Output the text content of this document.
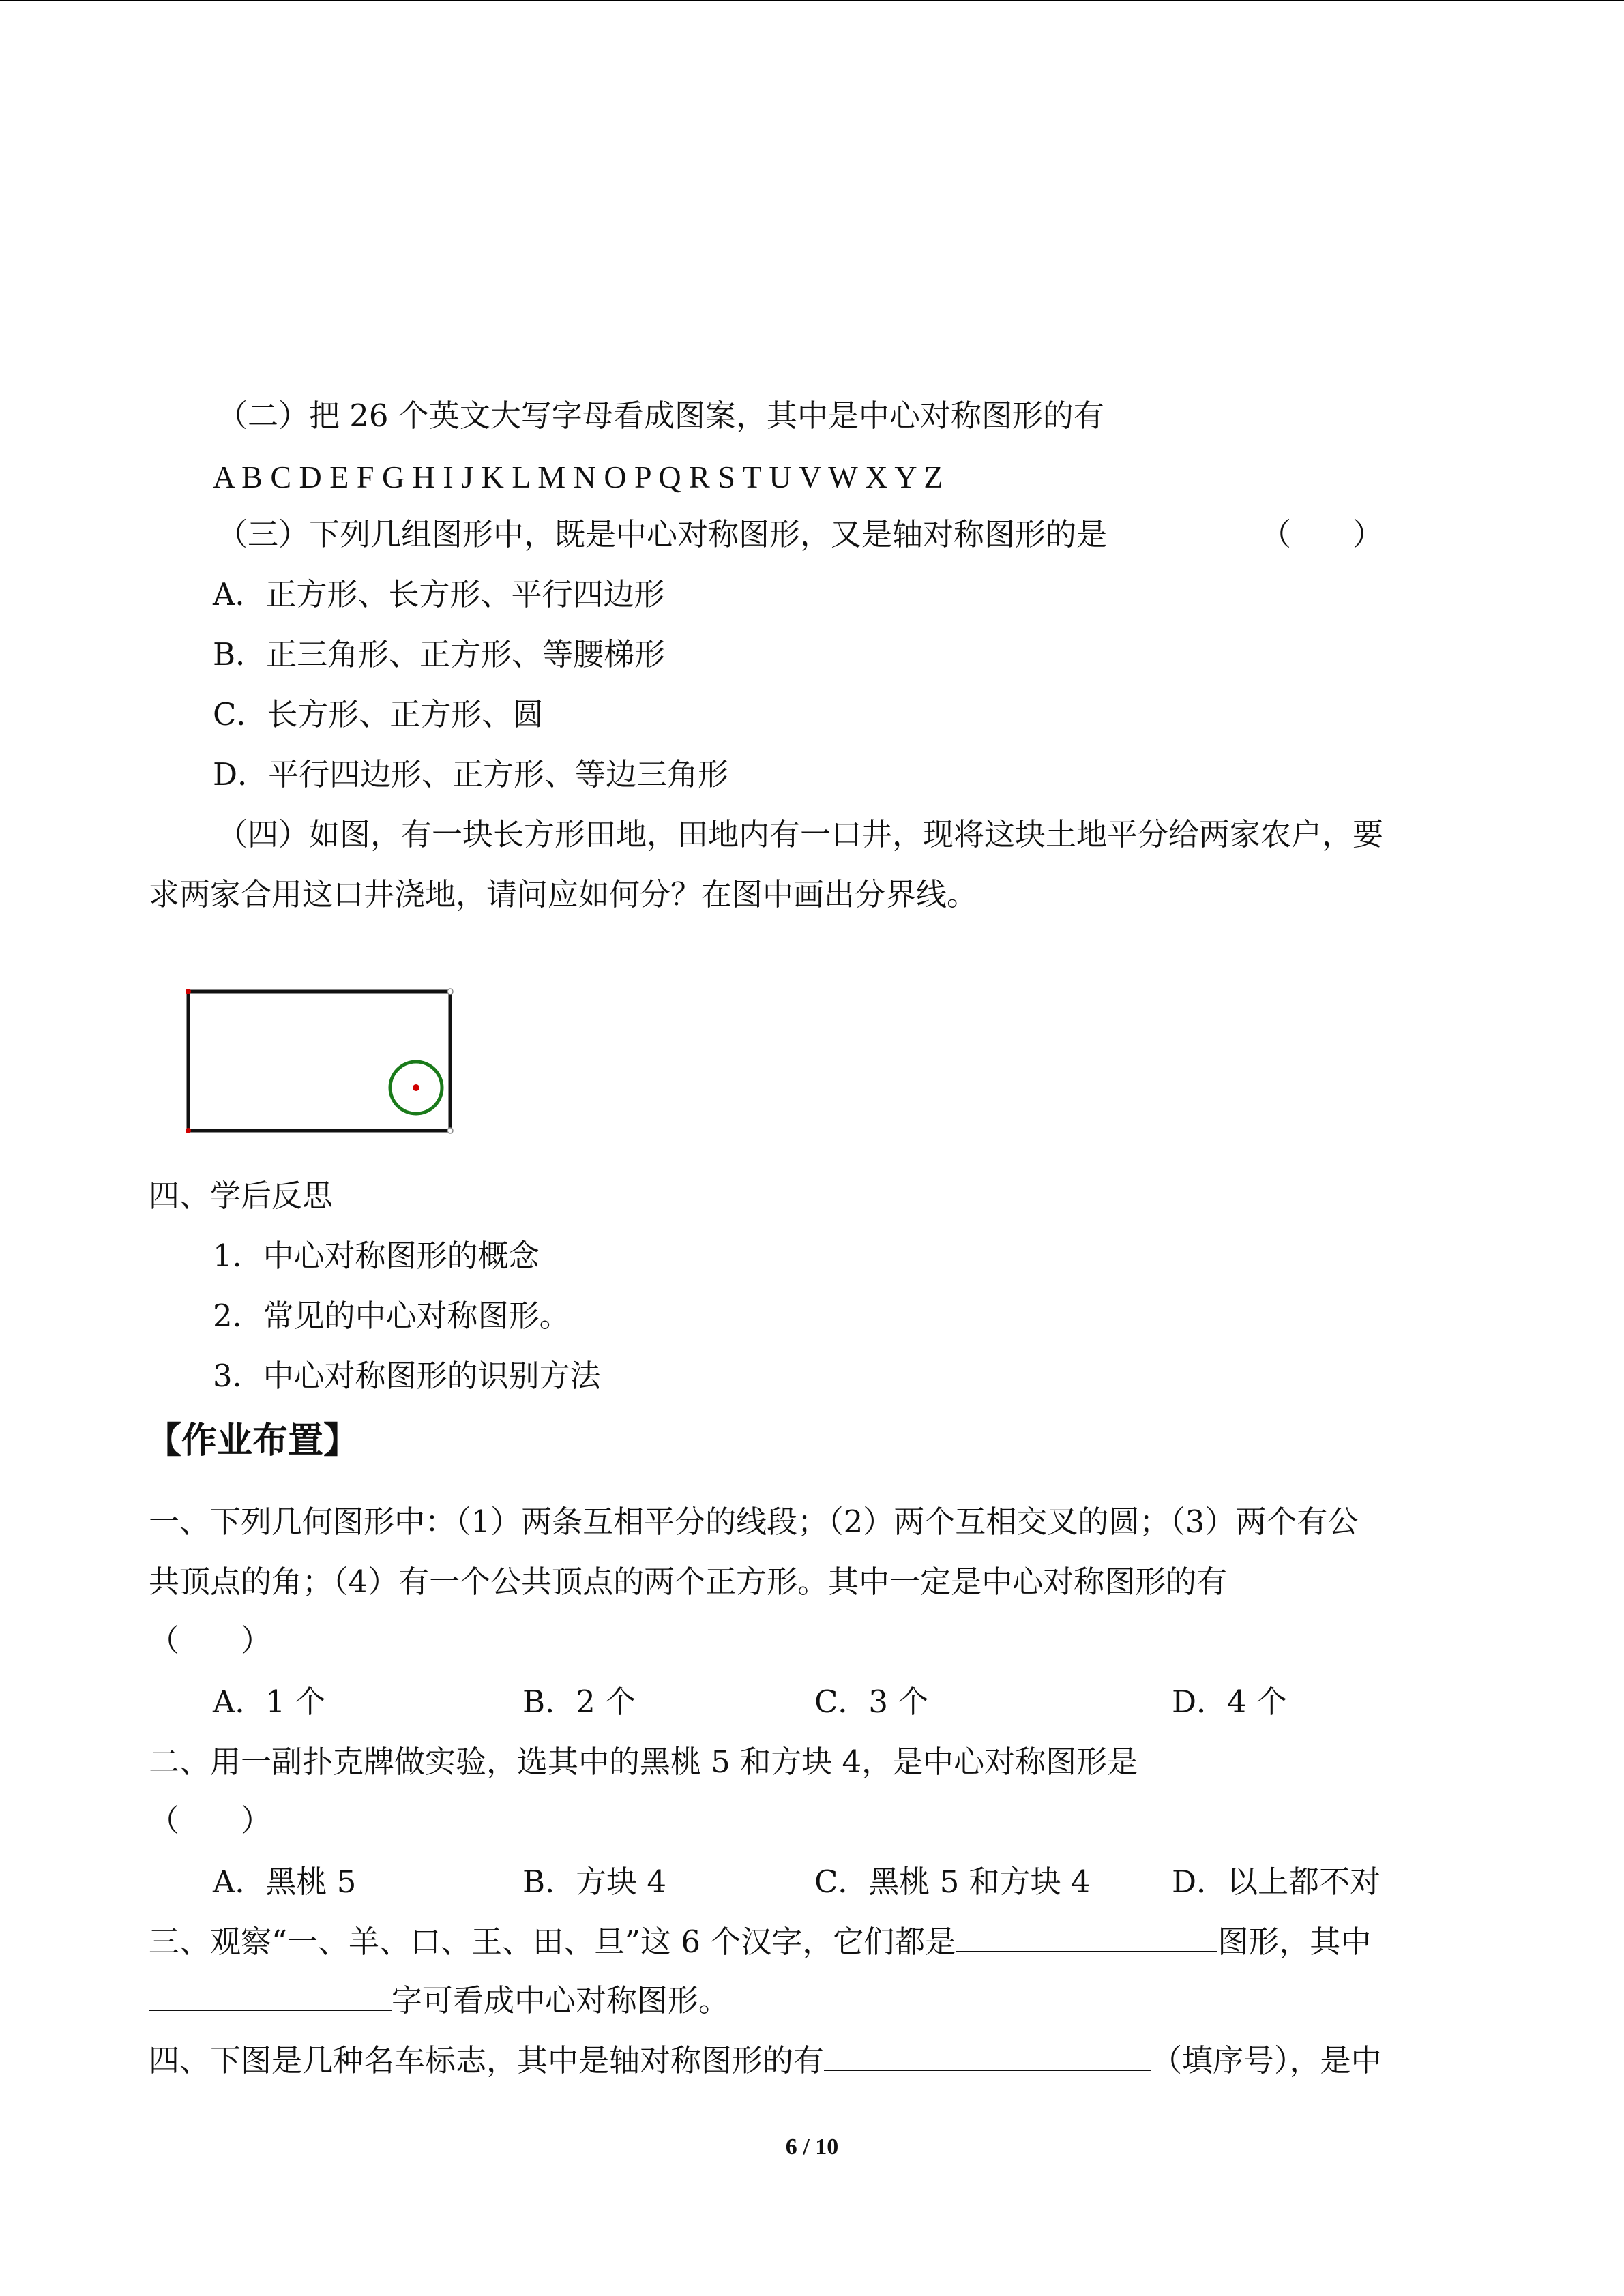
（二）把 26 个英文大写字母看成图案，其中是中心对称图形的有
A B C D E F G H I J K L M N O P Q R S T U V W X Y Z
（三）下列几组图形中，既是中心对称图形，又是轴对称图形的是	（　　）
A．正方形、长方形、平行四边形
B．正三角形、正方形、等腰梯形
C．长方形、正方形、圆
D．平行四边形、正方形、等边三角形
（四）如图，有一块长方形田地，田地内有一口井，现将这块土地平分给两家农户，要
求两家合用这口井浇地，请问应如何分？在图中画出分界线。
四、学后反思
1．中心对称图形的概念
2．常见的中心对称图形。
3．中心对称图形的识别方法
【作业布置】
一、下列几何图形中：（1）两条互相平分的线段；（2）两个互相交叉的圆；（3）两个有公
共顶点的角；（4）有一个公共顶点的两个正方形。其中一定是中心对称图形的有
（　　）
A．1 个	B．2 个	C．3 个	D．4 个
二、用一副扑克牌做实验，选其中的黑桃 5 和方块 4，是中心对称图形是
（　　）
A．黑桃 5	B．方块 4	C．黑桃 5 和方块 4	D．以上都不对
三、观察“一、羊、口、王、田、旦”这 6 个汉字，它们都是	图形，其中
字可看成中心对称图形。
四、下图是几种名车标志，其中是轴对称图形的有	（填序号），是中
6 / 10
